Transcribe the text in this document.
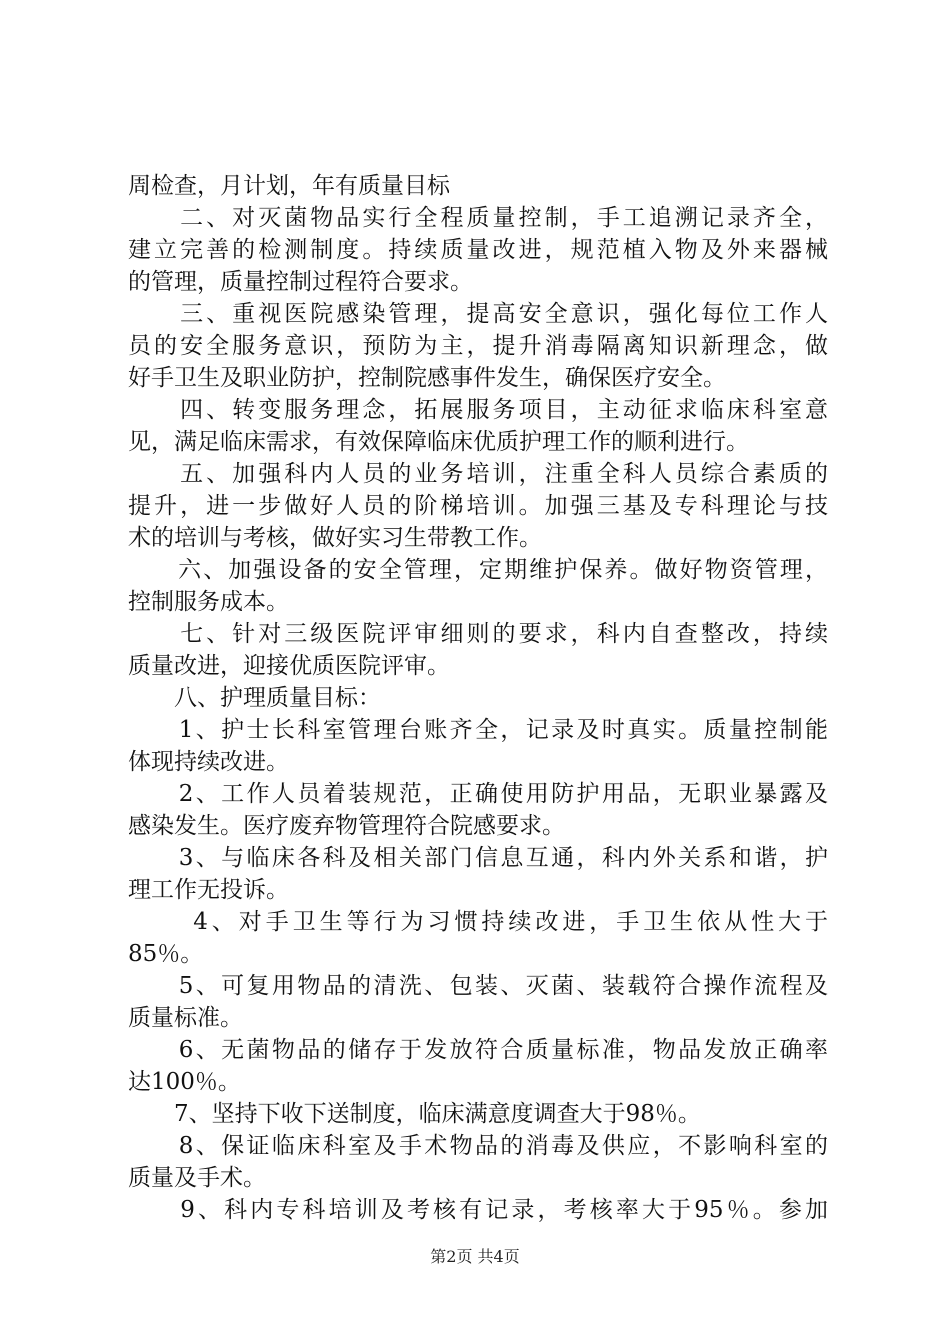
周检查，月计划，年有质量目标
　　二、对灭菌物品实行全程质量控制，手工追溯记录齐全，
建立完善的检测制度。持续质量改进，规范植入物及外来器械
的管理，质量控制过程符合要求。
　　三、重视医院感染管理，提高安全意识，强化每位工作人
员的安全服务意识，预防为主，提升消毒隔离知识新理念，做
好手卫生及职业防护，控制院感事件发生，确保医疗安全。
　　四、转变服务理念，拓展服务项目，主动征求临床科室意
见，满足临床需求，有效保障临床优质护理工作的顺利进行。
　　五、加强科内人员的业务培训，注重全科人员综合素质的
提升，进一步做好人员的阶梯培训。加强三基及专科理论与技
术的培训与考核，做好实习生带教工作。
　　六、加强设备的安全管理，定期维护保养。做好物资管理，
控制服务成本。
　　七、针对三级医院评审细则的要求，科内自查整改，持续
质量改进，迎接优质医院评审。
　　八、护理质量目标：
　　1、护士长科室管理台账齐全，记录及时真实。质量控制能
体现持续改进。
　　2、工作人员着装规范，正确使用防护用品，无职业暴露及
感染发生。医疗废弃物管理符合院感要求。
　　3、与临床各科及相关部门信息互通，科内外关系和谐，护
理工作无投诉。
　　 4、对手卫生等行为习惯持续改进，手卫生依从性大于
85％。
　　5、可复用物品的清洗、包装、灭菌、装载符合操作流程及
质量标准。
　　6、无菌物品的储存于发放符合质量标准，物品发放正确率
达100％。
　　7、坚持下收下送制度，临床满意度调查大于98％。
　　8、保证临床科室及手术物品的消毒及供应，不影响科室的
质量及手术。
　　9、科内专科培训及考核有记录，考核率大于95％。参加
第2页 共4页
